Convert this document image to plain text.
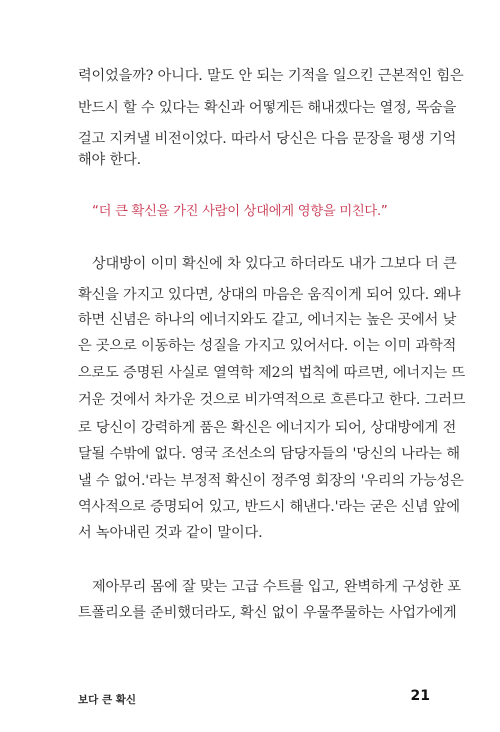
력이었을까? 아니다. 말도 안 되는 기적을 일으킨 근본적인 힘은
반드시 할 수 있다는 확신과 어떻게든 해내겠다는 열정, 목숨을
걸고 지켜낼 비전이었다. 따라서 당신은 다음 문장을 평생 기억
해야 한다.
“더 큰 확신을 가진 사람이 상대에게 영향을 미친다.”
상대방이 이미 확신에 차 있다고 하더라도 내가 그보다 더 큰
확신을 가지고 있다면, 상대의 마음은 움직이게 되어 있다. 왜냐
하면 신념은 하나의 에너지와도 같고, 에너지는 높은 곳에서 낮
은 곳으로 이동하는 성질을 가지고 있어서다. 이는 이미 과학적
으로도 증명된 사실로 열역학 제2의 법칙에 따르면, 에너지는 뜨
거운 것에서 차가운 것으로 비가역적으로 흐른다고 한다. 그러므
로 당신이 강력하게 품은 확신은 에너지가 되어, 상대방에게 전
달될 수밖에 없다. 영국 조선소의 담당자들의 '당신의 나라는 해
낼 수 없어.'라는 부정적 확신이 정주영 회장의 '우리의 가능성은
역사적으로 증명되어 있고, 반드시 해낸다.'라는 굳은 신념 앞에
서 녹아내린 것과 같이 말이다.
제아무리 몸에 잘 맞는 고급 수트를 입고, 완벽하게 구성한 포
트폴리오를 준비했더라도, 확신 없이 우물쭈물하는 사업가에게
보다 큰 확신	21
